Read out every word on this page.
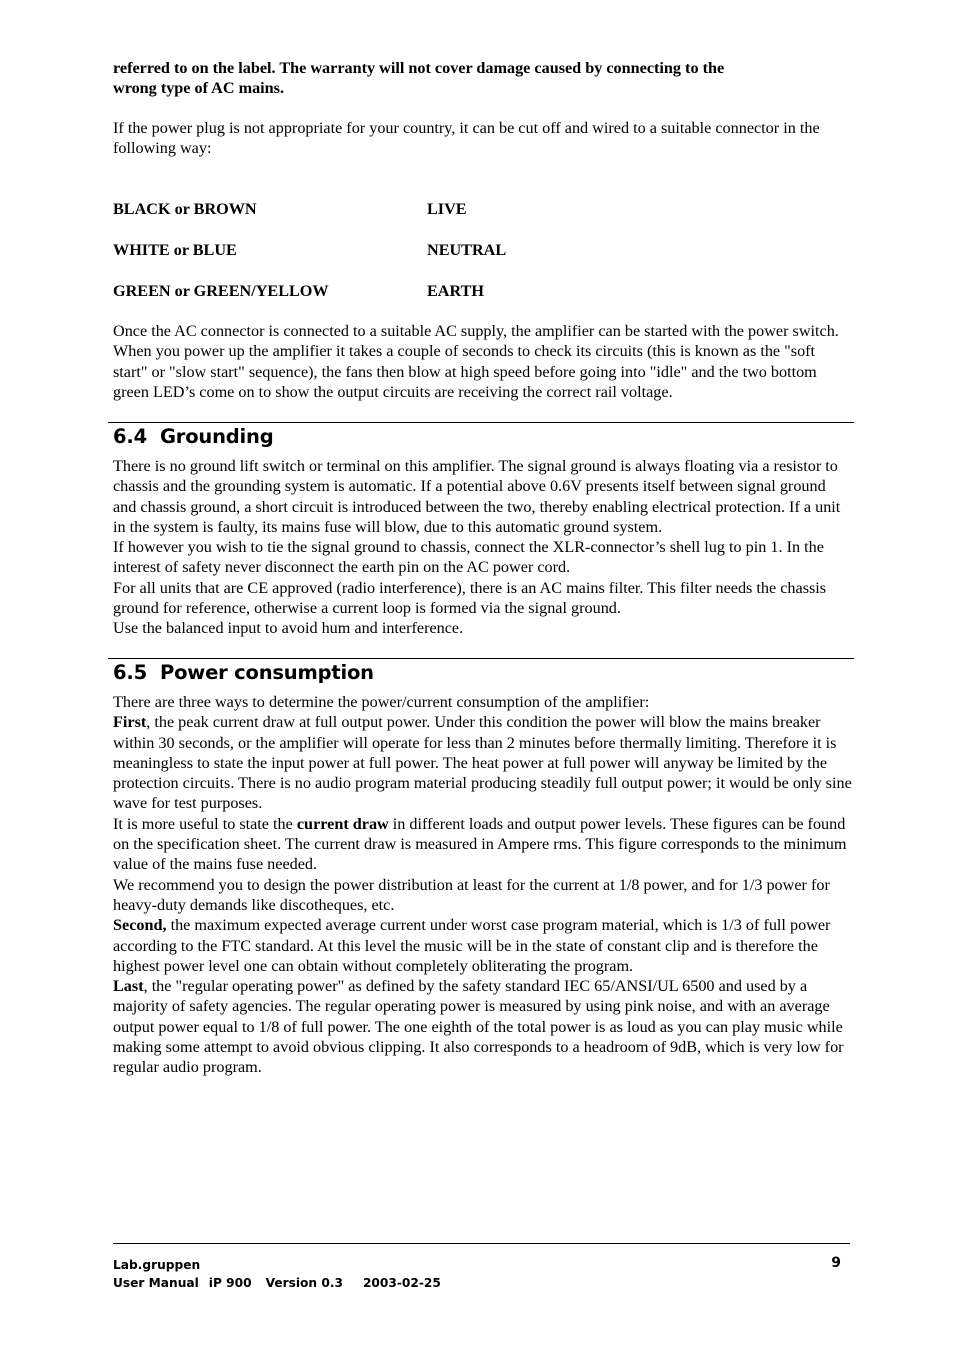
referred to on the label. The warranty will not cover damage caused by connecting to the
wrong type of AC mains.

If the power plug is not appropriate for your country, it can be cut off and wired to a suitable connector in the following way:

BLACK or BROWN	LIVE
WHITE or BLUE	NEUTRAL
GREEN or GREEN/YELLOW	EARTH

Once the AC connector is connected to a suitable AC supply, the amplifier can be started with the power switch. When you power up the amplifier it takes a couple of seconds to check its circuits (this is known as the "soft start" or "slow start" sequence), the fans then blow at high speed before going into "idle" and the two bottom green LED’s come on to show the output circuits are receiving the correct rail voltage.

6.4 Grounding
There is no ground lift switch or terminal on this amplifier. The signal ground is always floating via a resistor to chassis and the grounding system is automatic. If a potential above 0.6V presents itself between signal ground and chassis ground, a short circuit is introduced between the two, thereby enabling electrical protection. If a unit in the system is faulty, its mains fuse will blow, due to this automatic ground system.
If however you wish to tie the signal ground to chassis, connect the XLR-connector’s shell lug to pin 1. In the interest of safety never disconnect the earth pin on the AC power cord.
For all units that are CE approved (radio interference), there is an AC mains filter. This filter needs the chassis ground for reference, otherwise a current loop is formed via the signal ground.
Use the balanced input to avoid hum and interference.
6.5 Power consumption
There are three ways to determine the power/current consumption of the amplifier:
First, the peak current draw at full output power. Under this condition the power will blow the mains breaker within 30 seconds, or the amplifier will operate for less than 2 minutes before thermally limiting. Therefore it is meaningless to state the input power at full power. The heat power at full power will anyway be limited by the protection circuits. There is no audio program material producing steadily full output power; it would be only sine wave for test purposes.
It is more useful to state the current draw in different loads and output power levels. These figures can be found on the specification sheet. The current draw is measured in Ampere rms. This figure corresponds to the minimum value of the mains fuse needed.
We recommend you to design the power distribution at least for the current at 1/8 power, and for 1/3 power for heavy-duty demands like discotheques, etc.
Second, the maximum expected average current under worst case program material, which is 1/3 of full power according to the FTC standard. At this level the music will be in the state of constant clip and is therefore the highest power level one can obtain without completely obliterating the program.
Last, the "regular operating power" as defined by the safety standard IEC 65/ANSI/UL 6500 and used by a majority of safety agencies. The regular operating power is measured by using pink noise, and with an average output power equal to 1/8 of full power. The one eighth of the total power is as loud as you can play music while making some attempt to avoid obvious clipping. It also corresponds to a headroom of 9dB, which is very low for regular audio program.
Lab.gruppen
User Manual iP 900 Version 0.3 2003-02-25
9
